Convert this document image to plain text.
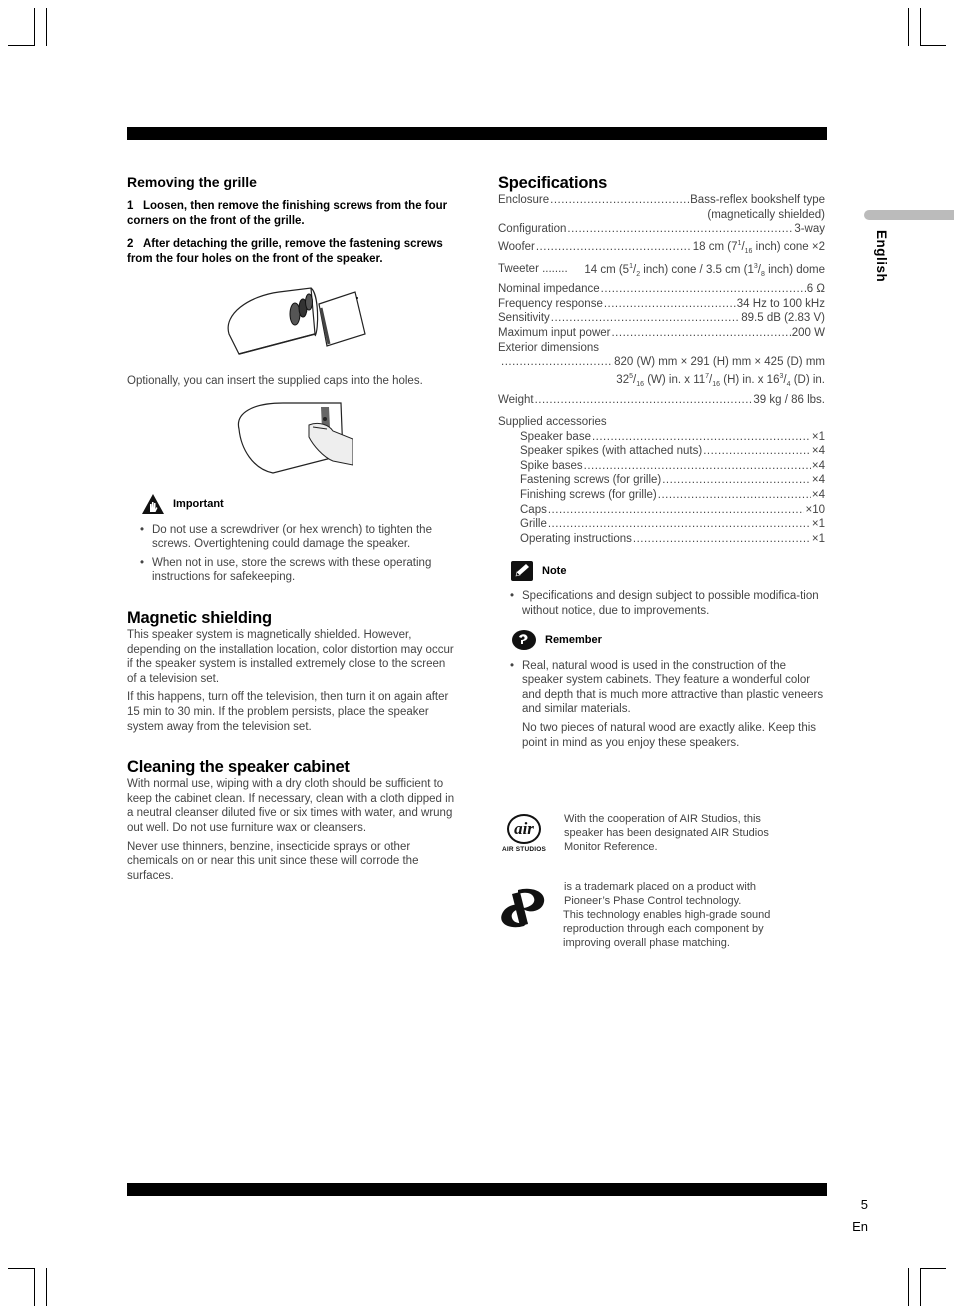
English
Removing the grille
1 Loosen, then remove the finishing screws from the four corners on the front of the grille.
2 After detaching the grille, remove the fastening screws from the four holes on the front of the speaker.
Optionally, you can insert the supplied caps into the holes.
Important
• Do not use a screwdriver (or hex wrench) to tighten the screws. Overtightening could damage the speaker.
• When not in use, store the screws with these operating instructions for safekeeping.
Magnetic shielding
This speaker system is magnetically shielded. However, depending on the installation location, color distortion may occur if the speaker system is installed extremely close to the screen of a television set.
If this happens, turn off the television, then turn it on again after 15 min to 30 min. If the problem persists, place the speaker system away from the television set.
Cleaning the speaker cabinet
With normal use, wiping with a dry cloth should be sufficient to keep the cabinet clean. If necessary, clean with a cloth dipped in a neutral cleanser diluted five or six times with water, and wrung out well. Do not use furniture wax or cleansers.
Never use thinners, benzine, insecticide sprays or other chemicals on or near this unit since these will corrode the surfaces.
Specifications
Enclosure .....	Bass-reflex bookshelf type
(magnetically shielded)
Configuration .....	3-way
Woofer .....	18 cm ($7^1/_{16}$ inch) cone ×2
Tweeter ........ 14 cm ($5^1/_2$ inch) cone / 3.5 cm ($1^3/_8$ inch) dome
Nominal impedance .....	6 Ω
Frequency response .....	34 Hz to 100 kHz
Sensitivity .....	89.5 dB (2.83 V)
Maximum input power .....	200 W
Exterior dimensions
.....
820 (W) mm × 291 (H) mm × 425 (D) mm
$32^5/_{16}$ (W) in. x $11^7/_{16}$ (H) in. x $16^3/_4$ (D) in.
Weight .....	39 kg / 86 lbs.
Supplied accessories
Speaker base .....	×1
Speaker spikes (with attached nuts) .....	×4
Spike bases .....	×4
Fastening screws (for grille) .....	×4
Finishing screws (for grille) .....	×4
Caps .....	×10
Grille .....	×1
Operating instructions .....	×1
Note
• Specifications and design subject to possible modifica-tion without notice, due to improvements.
Remember
• Real, natural wood is used in the construction of the speaker system cabinets. They feature a wonderful color and depth that is much more attractive than plastic veneers and similar materials.
No two pieces of natural wood are exactly alike. Keep this point in mind as you enjoy these speakers.
air
AIR STUDIOS
With the cooperation of AIR Studios, this speaker has been designated AIR Studios Monitor Reference.
is a trademark placed on a product with Pioneer’s Phase Control technology.
This technology enables high-grade sound reproduction through each component by improving overall phase matching.
5
En
